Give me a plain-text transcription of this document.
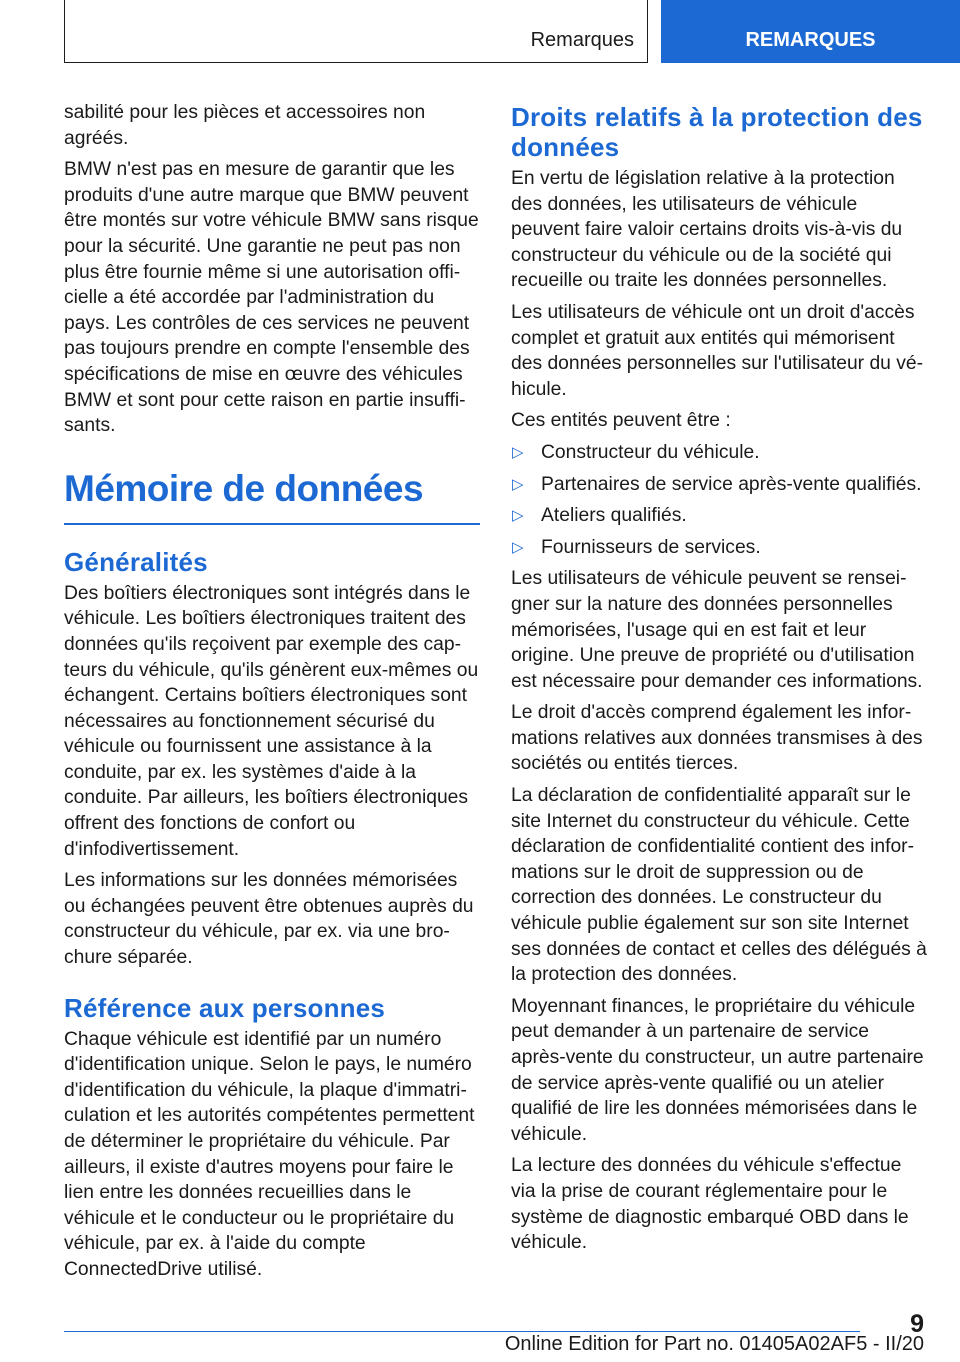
Remarques	REMARQUES

sabilité pour les pièces et accessoires non agréés.

BMW n'est pas en mesure de garantir que les produits d'une autre marque que BMW peuvent être montés sur votre véhicule BMW sans risque pour la sécurité. Une garantie ne peut pas non plus être fournie même si une autorisation officielle a été accordée par l'administration du pays. Les contrôles de ces services ne peuvent pas toujours prendre en compte l'ensemble des spécifications de mise en œuvre des véhicules BMW et sont pour cette raison en partie insuffisants.

Mémoire de données
Généralités

Des boîtiers électroniques sont intégrés dans le véhicule. Les boîtiers électroniques traitent des données qu'ils reçoivent par exemple des capteurs du véhicule, qu'ils génèrent eux-mêmes ou échangent. Certains boîtiers électroniques sont nécessaires au fonctionnement sécurisé du véhicule ou fournissent une assistance à la conduite, par ex. les systèmes d'aide à la conduite. Par ailleurs, les boîtiers électroniques offrent des fonctions de confort ou d'infodivertissement.

Les informations sur les données mémorisées ou échangées peuvent être obtenues auprès du constructeur du véhicule, par ex. via une brochure séparée.

Référence aux personnes

Chaque véhicule est identifié par un numéro d'identification unique. Selon le pays, le numéro d'identification du véhicule, la plaque d'immatriculation et les autorités compétentes permettent de déterminer le propriétaire du véhicule. Par ailleurs, il existe d'autres moyens pour faire le lien entre les données recueillies dans le véhicule et le conducteur ou le propriétaire du véhicule, par ex. à l'aide du compte ConnectedDrive utilisé.

Droits relatifs à la protection des données

En vertu de législation relative à la protection des données, les utilisateurs de véhicule peuvent faire valoir certains droits vis-à-vis du constructeur du véhicule ou de la société qui recueille ou traite les données personnelles.

Les utilisateurs de véhicule ont un droit d'accès complet et gratuit aux entités qui mémorisent des données personnelles sur l'utilisateur du véhicule.

Ces entités peuvent être :

▷ Constructeur du véhicule.
▷ Partenaires de service après-vente qualifiés.
▷ Ateliers qualifiés.
▷ Fournisseurs de services.

Les utilisateurs de véhicule peuvent se renseigner sur la nature des données personnelles mémorisées, l'usage qui en est fait et leur origine. Une preuve de propriété ou d'utilisation est nécessaire pour demander ces informations.

Le droit d'accès comprend également les informations relatives aux données transmises à des sociétés ou entités tierces.

La déclaration de confidentialité apparaît sur le site Internet du constructeur du véhicule. Cette déclaration de confidentialité contient des informations sur le droit de suppression ou de correction des données. Le constructeur du véhicule publie également sur son site Internet ses données de contact et celles des délégués à la protection des données.

Moyennant finances, le propriétaire du véhicule peut demander à un partenaire de service après-vente du constructeur, un autre partenaire de service après-vente qualifié ou un atelier qualifié de lire les données mémorisées dans le véhicule.

La lecture des données du véhicule s'effectue via la prise de courant réglementaire pour le système de diagnostic embarqué OBD dans le véhicule.

9
Online Edition for Part no. 01405A02AF5 - II/20
